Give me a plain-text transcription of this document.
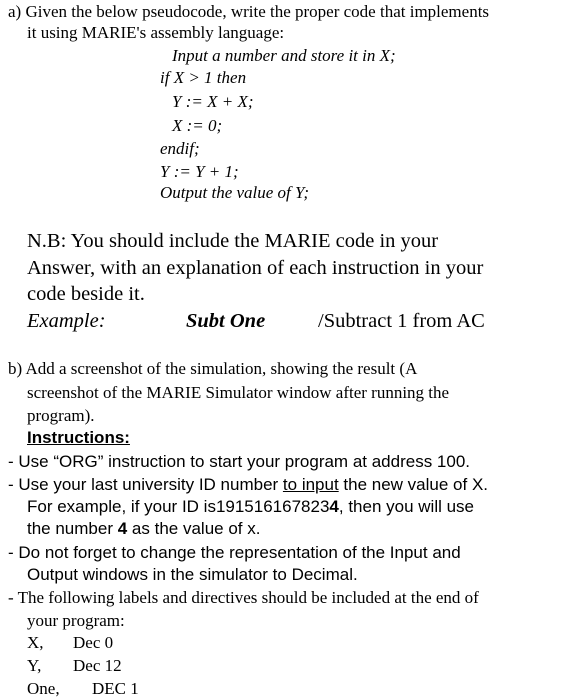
a) Given the below pseudocode, write the proper code that implements
it using MARIE's assembly language:
Input a number and store it in X;
if X > 1 then
Y := X + X;
X := 0;
endif;
Y := Y + 1;
Output the value of Y;
N.B: You should include the MARIE code in your
Answer, with an explanation of each instruction in your
code beside it.
Example:	Subt One	/Subtract 1 from AC
b) Add a screenshot of the simulation, showing the result (A
screenshot of the MARIE Simulator window after running the
program).
Instructions:
- Use “ORG” instruction to start your program at address 100.
- Use your last university ID number to input the new value of X.
For example, if your ID is1915161678234, then you will use
the number 4 as the value of x.
- Do not forget to change the representation of the Input and
Output windows in the simulator to Decimal.
- The following labels and directives should be included at the end of
your program:
X, Dec 0
Y, Dec 12
One, DEC 1
